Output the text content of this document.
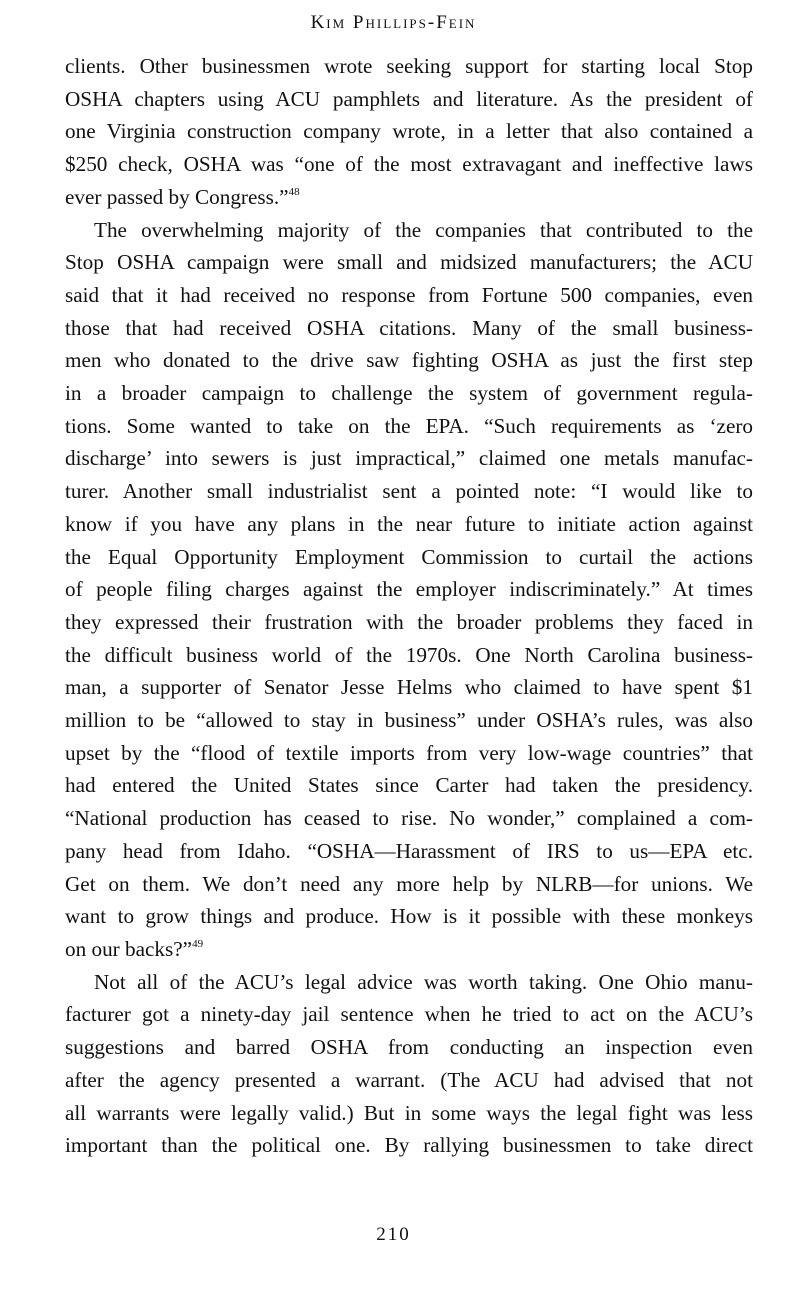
Kim Phillips-Fein
clients. Other businessmen wrote seeking support for starting local Stop
OSHA chapters using ACU pamphlets and literature. As the president of
one Virginia construction company wrote, in a letter that also contained a
$250 check, OSHA was “one of the most extravagant and ineffective laws
ever passed by Congress.”$^{48}$
The overwhelming majority of the companies that contributed to the
Stop OSHA campaign were small and midsized manufacturers; the ACU
said that it had received no response from Fortune 500 companies, even
those that had received OSHA citations. Many of the small business-
men who donated to the drive saw fighting OSHA as just the first step
in a broader campaign to challenge the system of government regula-
tions. Some wanted to take on the EPA. “Such requirements as ‘zero
discharge’ into sewers is just impractical,” claimed one metals manufac-
turer. Another small industrialist sent a pointed note: “I would like to
know if you have any plans in the near future to initiate action against
the Equal Opportunity Employment Commission to curtail the actions
of people filing charges against the employer indiscriminately.” At times
they expressed their frustration with the broader problems they faced in
the difficult business world of the 1970s. One North Carolina business-
man, a supporter of Senator Jesse Helms who claimed to have spent $1
million to be “allowed to stay in business” under OSHA’s rules, was also
upset by the “flood of textile imports from very low-wage countries” that
had entered the United States since Carter had taken the presidency.
“National production has ceased to rise. No wonder,” complained a com-
pany head from Idaho. “OSHA—Harassment of IRS to us—EPA etc.
Get on them. We don’t need any more help by NLRB—for unions. We
want to grow things and produce. How is it possible with these monkeys
on our backs?”$^{49}$
Not all of the ACU’s legal advice was worth taking. One Ohio manu-
facturer got a ninety-day jail sentence when he tried to act on the ACU’s
suggestions and barred OSHA from conducting an inspection even
after the agency presented a warrant. (The ACU had advised that not
all warrants were legally valid.) But in some ways the legal fight was less
important than the political one. By rallying businessmen to take direct
210
